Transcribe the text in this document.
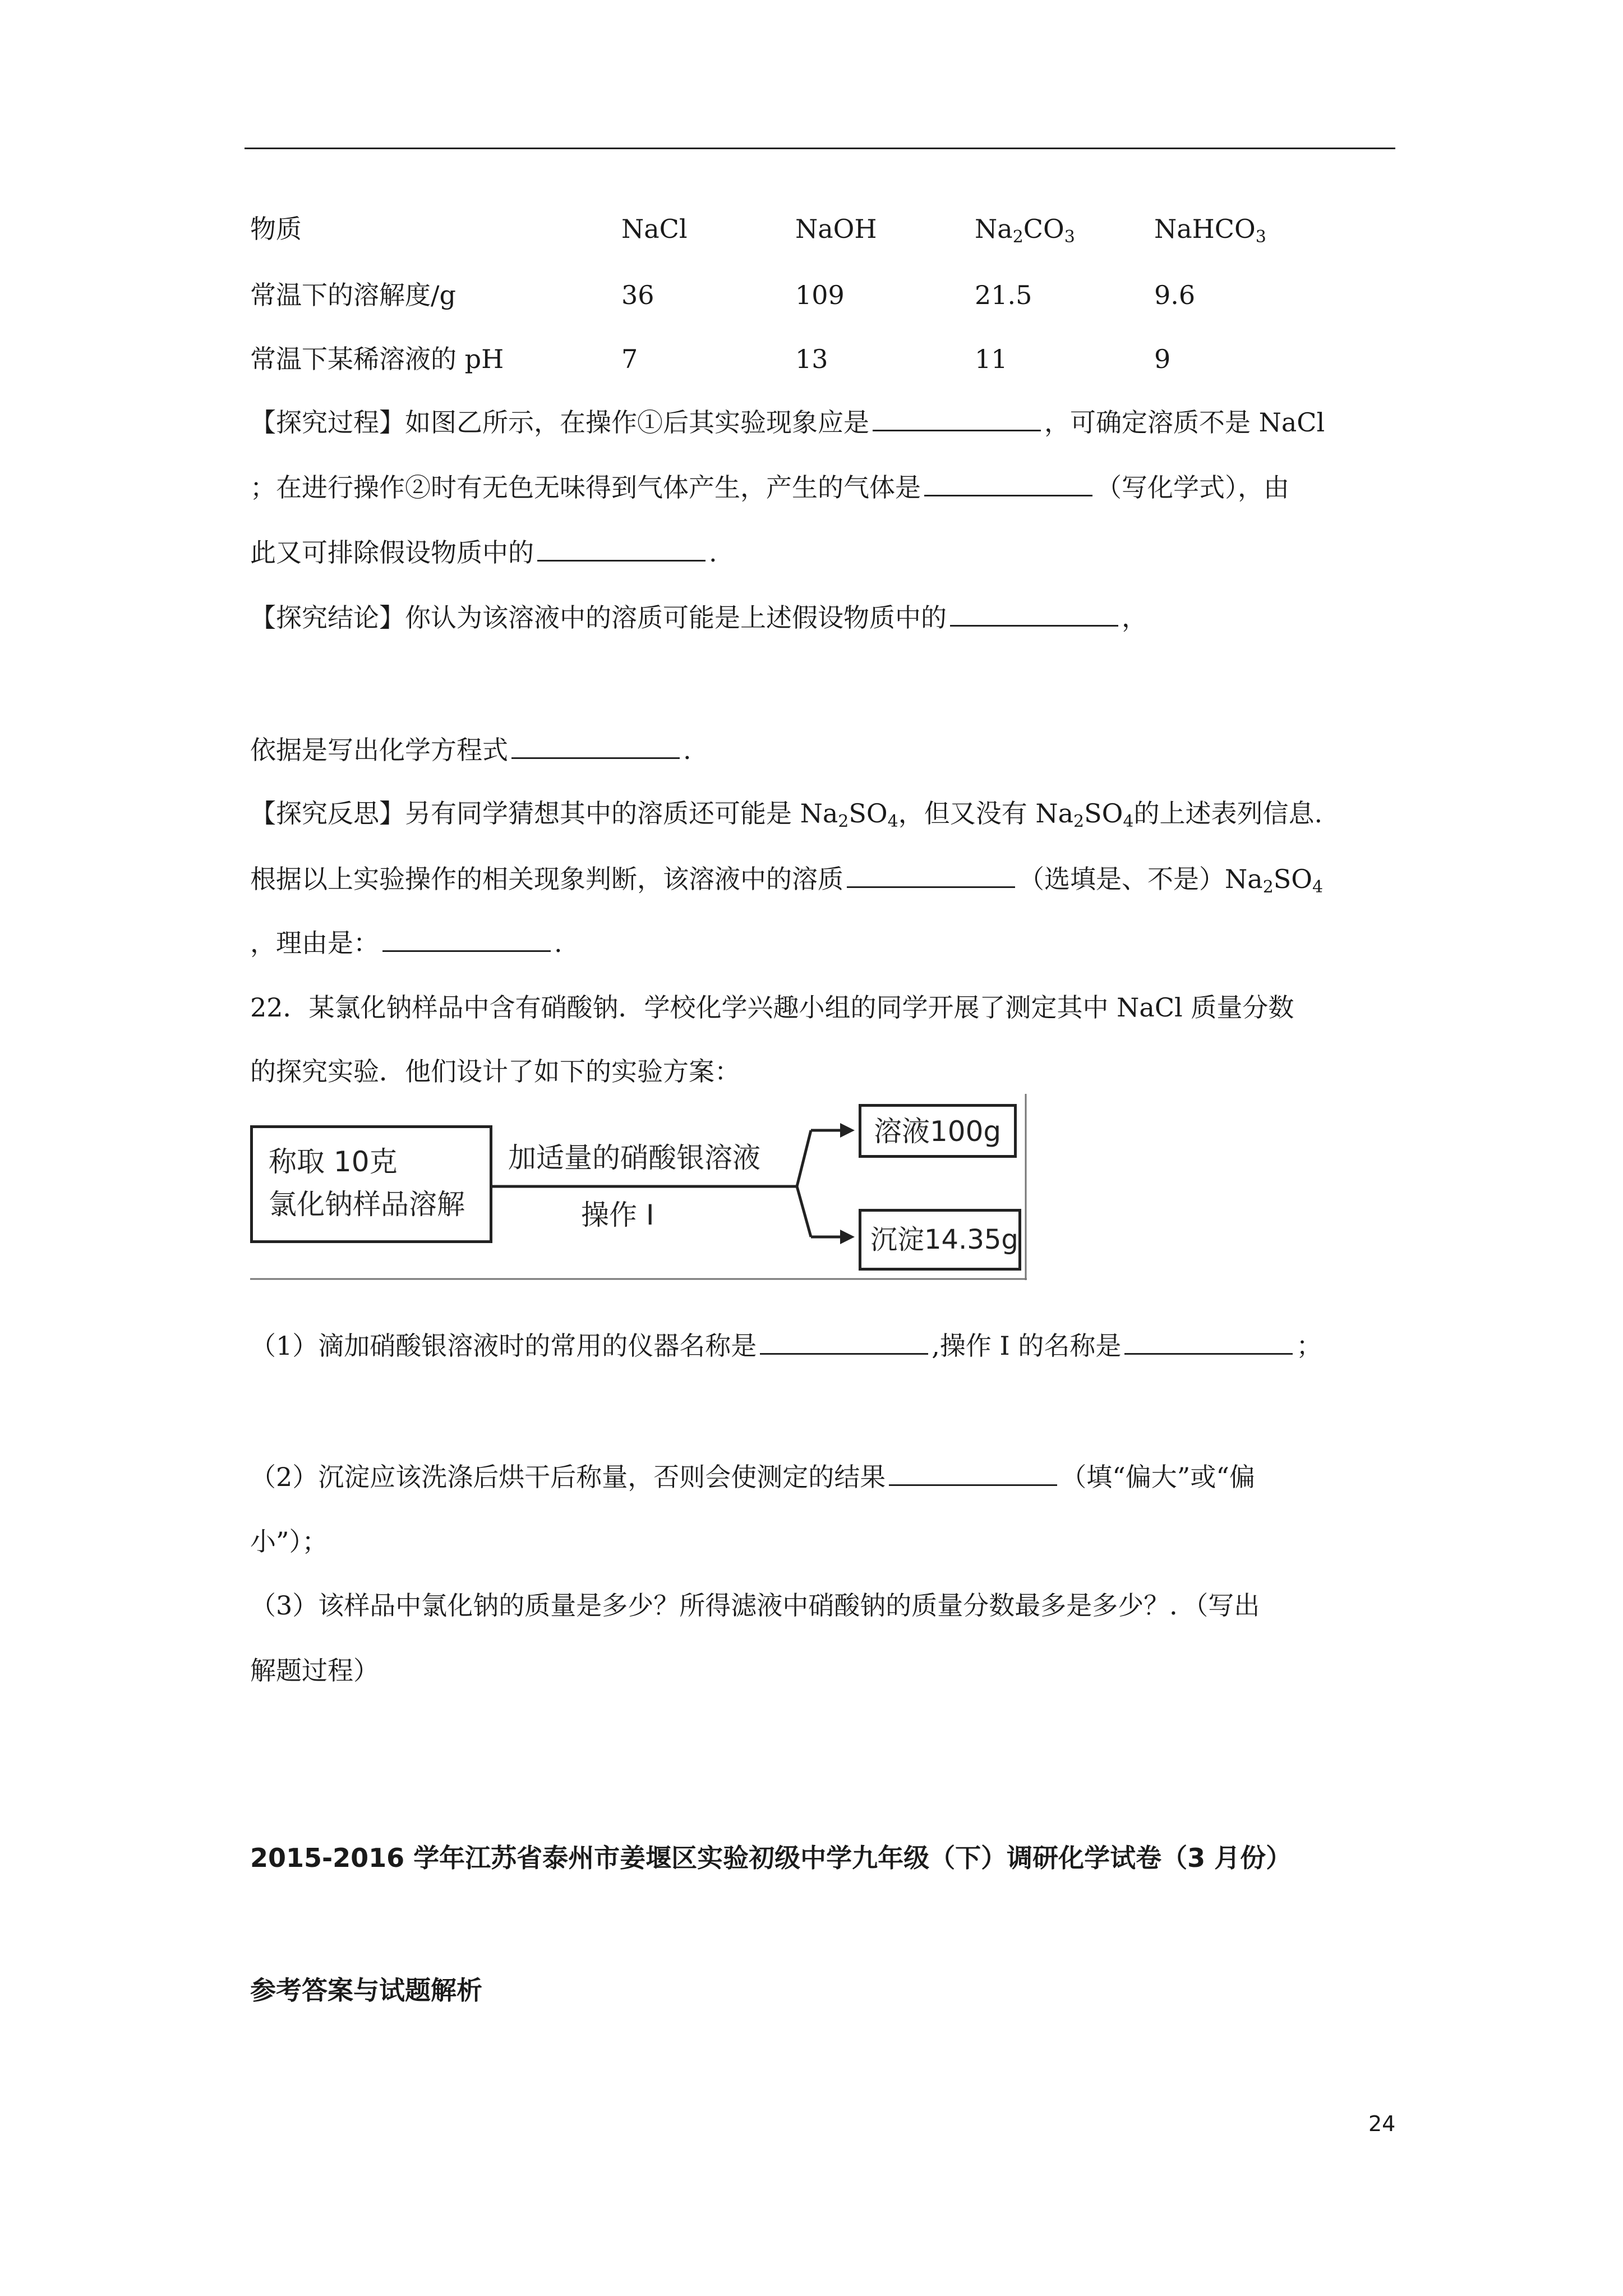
物质	NaCl	NaOH	$Na_2CO_3$	NaHCO$_3$
常温下的溶解度/g	36	109	21.5	9.6
常温下某稀溶液的 pH	7	13	11	9
【探究过程】如图乙所示，在操作①后其实验现象应是	，可确定溶质不是 NaCl
；在进行操作②时有无色无味得到气体产生，产生的气体是	（写化学式），由
此又可排除假设物质中的	.
【探究结论】你认为该溶液中的溶质可能是上述假设物质中的	，
依据是写出化学方程式	.
【探究反思】另有同学猜想其中的溶质还可能是 $Na_2SO_4$，但又没有 $Na_2SO_4$的上述表列信息.
根据以上实验操作的相关现象判断，该溶液中的溶质	（选填是、不是）$Na_2SO_4$
，理由是：	.
22．某氯化钠样品中含有硝酸钠．学校化学兴趣小组的同学开展了测定其中 NaCl 质量分数
的探究实验．他们设计了如下的实验方案：
称取 10克
氯化钠样品溶解
加适量的硝酸银溶液
操作 I
溶液100g
沉淀14.35g
（1）滴加硝酸银溶液时的常用的仪器名称是	,操作 I 的名称是	；
（2）沉淀应该洗涤后烘干后称量，否则会使测定的结果	（填“偏大”或“偏
小”）；
（3）该样品中氯化钠的质量是多少？所得滤液中硝酸钠的质量分数最多是多少？．（写出
解题过程）
2015-2016 学年江苏省泰州市姜堰区实验初级中学九年级（下）调研化学试卷（3 月份）
参考答案与试题解析
24
